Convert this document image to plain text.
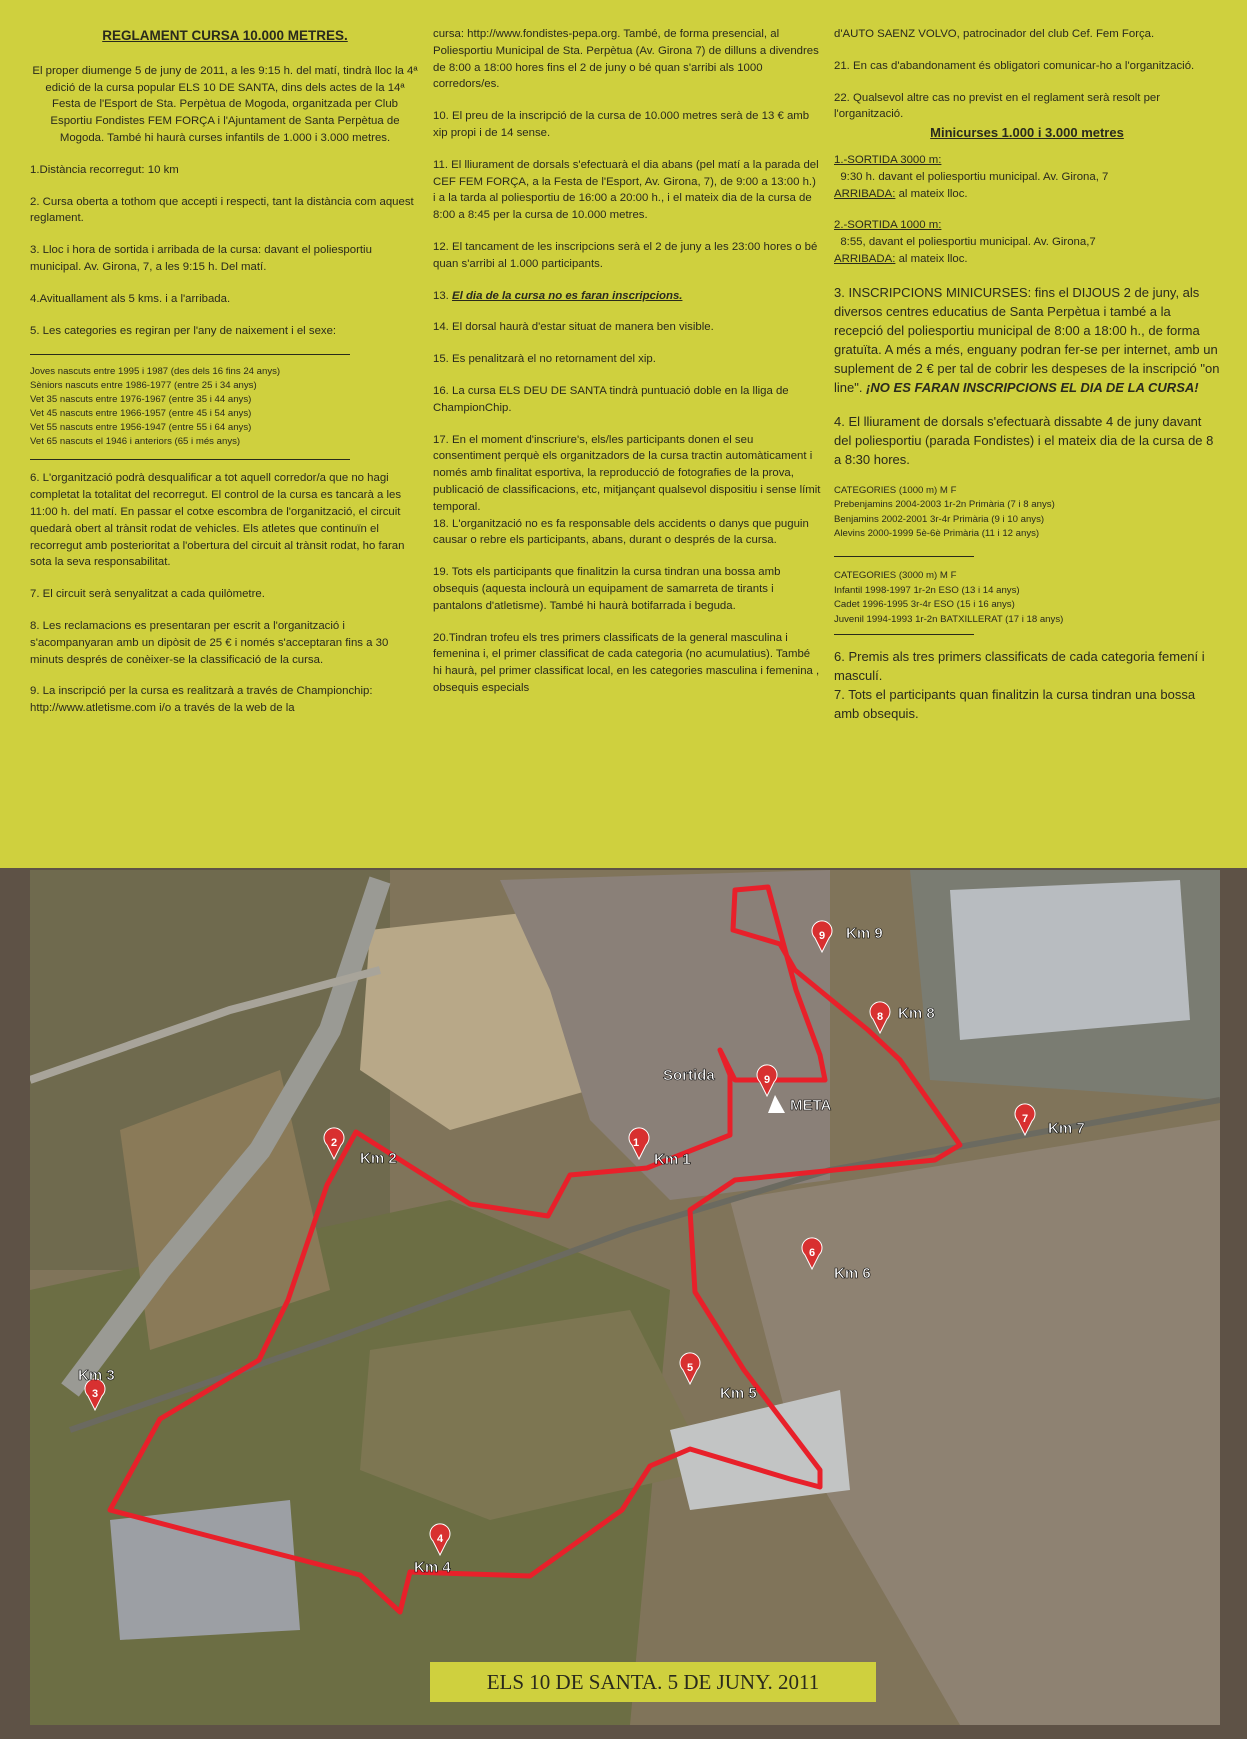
REGLAMENT CURSA 10.000 METRES.

El proper diumenge 5 de juny de 2011, a les 9:15 h. del matí, tindrà lloc la 4ª edició de la cursa popular ELS 10 DE SANTA, dins dels actes de la 14ª Festa de l'Esport de Sta. Perpètua de Mogoda, organitzada per Club Esportiu Fondistes FEM FORÇA i l'Ajuntament de Santa Perpètua de Mogoda. També hi haurà curses infantils de 1.000 i 3.000 metres.

1.Distància recorregut: 10 km

2. Cursa oberta a tothom que accepti i respecti, tant la distància com aquest reglament.

3. Lloc i hora de sortida i arribada de la cursa: davant el poliesportiu municipal. Av. Girona, 7, a les 9:15 h. Del matí.

4.Avituallament als 5 kms. i a l'arribada.

5. Les categories es regiran per l'any de naixement i el sexe:

Joves nascuts entre 1995 i 1987 (des dels 16 fins 24 anys)
Sèniors nascuts entre 1986-1977 (entre 25 i 34 anys)
Vet 35 nascuts entre 1976-1967 (entre 35 i 44 anys)
Vet 45 nascuts entre 1966-1957 (entre 45 i 54 anys)
Vet 55 nascuts entre 1956-1947 (entre 55 i 64 anys)
Vet 65 nascuts el 1946 i anteriors (65 i més anys)

6. L'organització podrà desqualificar a tot aquell corredor/a que no hagi completat la totalitat del recorregut. El control de la cursa es tancarà a les 11:00 h. del matí. En passar el cotxe escombra de l'organització, el circuit quedarà obert al trànsit rodat de vehicles. Els atletes que continuïn el recorregut amb posterioritat a l'obertura del circuit al trànsit rodat, ho faran sota la seva responsabilitat.

7. El circuit serà senyalitzat a cada quilòmetre.

8. Les reclamacions es presentaran per escrit a l'organització i s'acompanyaran amb un dipòsit de 25 € i només s'acceptaran fins a 30 minuts després de conèixer-se la classificació de la cursa.

9. La inscripció per la cursa es realitzarà a través de Championchip: http://www.atletisme.com i/o a través de la web de la

cursa: http://www.fondistes-pepa.org. També, de forma presencial, al Poliesportiu Municipal de Sta. Perpètua (Av. Girona 7) de dilluns a divendres de 8:00 a 18:00 hores fins el 2 de juny o bé quan s'arribi als 1000 corredors/es.

10. El preu de la inscripció de la cursa de 10.000 metres serà de 13 € amb xip propi i de 14 sense.

11. El lliurament de dorsals s'efectuarà el dia abans (pel matí a la parada del CEF FEM FORÇA, a la Festa de l'Esport, Av. Girona, 7), de 9:00 a 13:00 h.) i a la tarda al poliesportiu de 16:00 a 20:00 h., i el mateix dia de la cursa de 8:00 a 8:45 per la cursa de 10.000 metres.

12. El tancament de les inscripcions serà el 2 de juny a les 23:00 hores o bé quan s'arribi al 1.000 participants.

13. El dia de la cursa no es faran inscripcions.

14. El dorsal haurà d'estar situat de manera ben visible.

15. Es penalitzarà el no retornament del xip.

16. La cursa ELS DEU DE SANTA tindrà puntuació doble en la lliga de ChampionChip.

17. En el moment d'inscriure's, els/les participants donen el seu consentiment perquè els organitzadors de la cursa tractin automàticament i només amb finalitat esportiva, la reproducció de fotografies de la prova, publicació de classificacions, etc, mitjançant qualsevol dispositiu i sense límit temporal.

18. L'organització no es fa responsable dels accidents o danys que puguin causar o rebre els participants, abans, durant o després de la cursa.

19. Tots els participants que finalitzin la cursa tindran una bossa amb obsequis (aquesta inclourà un equipament de samarreta de tirants i pantalons d'atletisme). També hi haurà botifarrada i beguda.

20.Tindran trofeu els tres primers classificats de la general masculina i femenina i, el primer classificat de cada categoria (no acumulatius). També hi haurà, pel primer classificat local, en les categories masculina i femenina , obsequis especials

d'AUTO SAENZ VOLVO, patrocinador del club Cef. Fem Força.

21. En cas d'abandonament és obligatori comunicar-ho a l'organització.

22. Qualsevol altre cas no previst en el reglament serà resolt per l'organització.

Minicurses 1.000 i 3.000 metres

1.-SORTIDA 3000 m:
9:30 h. davant el poliesportiu municipal. Av. Girona, 7
ARRIBADA: al mateix lloc.

2.-SORTIDA 1000 m:
8:55, davant el poliesportiu municipal. Av. Girona,7
ARRIBADA: al mateix lloc.

3. INSCRIPCIONS MINICURSES: fins el DIJOUS 2 de juny, als diversos centres educatius de Santa Perpètua i també a la recepció del poliesportiu municipal de 8:00 a 18:00 h., de forma gratuïta. A més a més, enguany podran fer-se per internet, amb un suplement de 2 € per tal de cobrir les despeses de la inscripció "on line". ¡NO ES FARAN INSCRIPCIONS EL DIA DE LA CURSA!

4. El lliurament de dorsals s'efectuarà dissabte 4 de juny davant del poliesportiu (parada Fondistes) i el mateix dia de la cursa de 8 a 8:30 hores.

CATEGORIES (1000 m) M F
Prebenjamins 2004-2003 1r-2n Primària (7 i 8 anys)
Benjamins 2002-2001 3r-4r Primària (9 i 10 anys)
Alevins 2000-1999 5è-6è Primària (11 i 12 anys)
CATEGORIES (3000 m) M F
Infantil 1998-1997 1r-2n ESO (13 i 14 anys)
Cadet 1996-1995 3r-4r ESO (15 i 16 anys)
Juvenil 1994-1993 1r-2n BATXILLERAT (17 i 18 anys)

6. Premis als tres primers classificats de cada categoria femení i masculí.

7. Tots el participants quan finalitzin la cursa tindran una bossa amb obsequis.

1
Km 1
2
Km 2
3
Km 3
4
Km 4
5
Km 5
6
Km 6
7
Km 7
8 Km 8
9 Km 9
9
Sortida
META
ELS 10 DE SANTA. 5 DE JUNY. 2011
